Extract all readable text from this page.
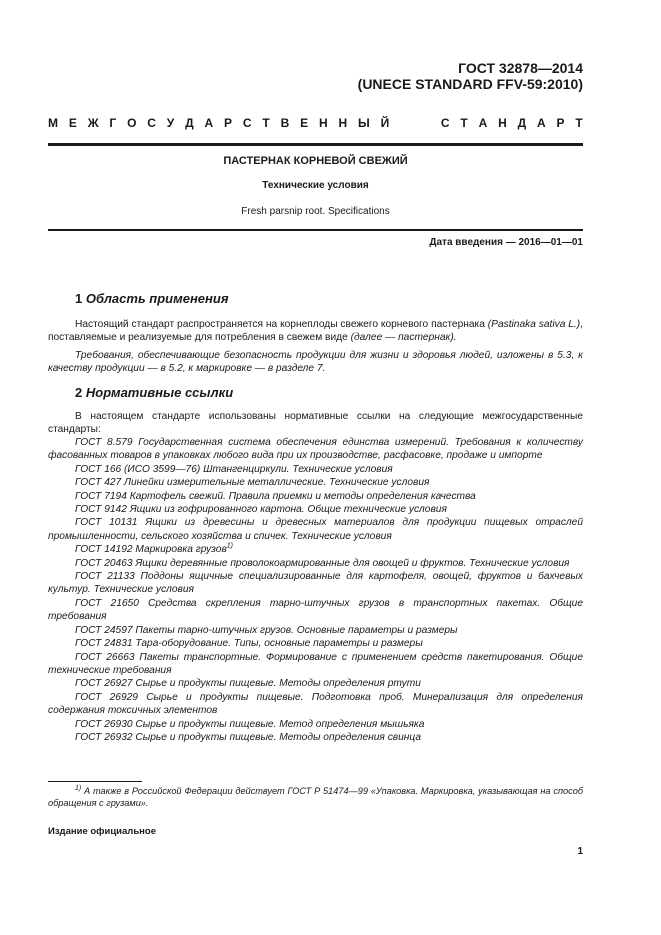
ГОСТ 32878—2014
(UNECE STANDARD FFV-59:2010)
М Е Ж Г О С У Д А Р С Т В Е Н Н Ы Й	С Т А Н Д А Р Т
ПАСТЕРНАК КОРНЕВОЙ СВЕЖИЙ
Технические условия
Fresh parsnip root. Specifications
Дата введения — 2016—01—01
1 Область применения

Настоящий стандарт распространяется на корнеплоды свежего корневого пастернака (Pastinaka sativa L.), поставляемые и реализуемые для потребления в свежем виде (далее — пастернак).

Требования, обеспечивающие безопасность продукции для жизни и здоровья людей, изложены в 5.3, к качеству продукции — в 5.2, к маркировке — в разделе 7.

2 Нормативные ссылки

В настоящем стандарте использованы нормативные ссылки на следующие межгосударственные стандарты:

ГОСТ 8.579 Государственная система обеспечения единства измерений. Требования к количеству фасованных товаров в упаковках любого вида при их производстве, расфасовке, продаже и импорте

ГОСТ 166 (ИСО 3599—76) Штангенциркули. Технические условия

ГОСТ 427 Линейки измерительные металлические. Технические условия

ГОСТ 7194 Картофель свежий. Правила приемки и методы определения качества

ГОСТ 9142 Ящики из гофрированного картона. Общие технические условия

ГОСТ 10131 Ящики из древесины и древесных материалов для продукции пищевых отраслей промышленности, сельского хозяйства и спичек. Технические условия

ГОСТ 14192 Маркировка грузов$^{1)}$

ГОСТ 20463 Ящики деревянные проволокоармированные для овощей и фруктов. Технические условия

ГОСТ 21133 Поддоны ящичные специализированные для картофеля, овощей, фруктов и бахчевых культур. Технические условия

ГОСТ 21650 Средства скрепления тарно-штучных грузов в транспортных пакетах. Общие требования

ГОСТ 24597 Пакеты тарно-штучных грузов. Основные параметры и размеры

ГОСТ 24831 Тара-оборудование. Типы, основные параметры и размеры

ГОСТ 26663 Пакеты транспортные. Формирование с применением средств пакетирования. Общие технические требования

ГОСТ 26927 Сырье и продукты пищевые. Методы определения ртути

ГОСТ 26929 Сырье и продукты пищевые. Подготовка проб. Минерализация для определения содержания токсичных элементов

ГОСТ 26930 Сырье и продукты пищевые. Метод определения мышьяка

ГОСТ 26932 Сырье и продукты пищевые. Методы определения свинца

$^{1)}$ А также в Российской Федерации действует ГОСТ Р 51474—99 «Упаковка. Маркировка, указывающая на способ обращения с грузами».
Издание официальное
1
